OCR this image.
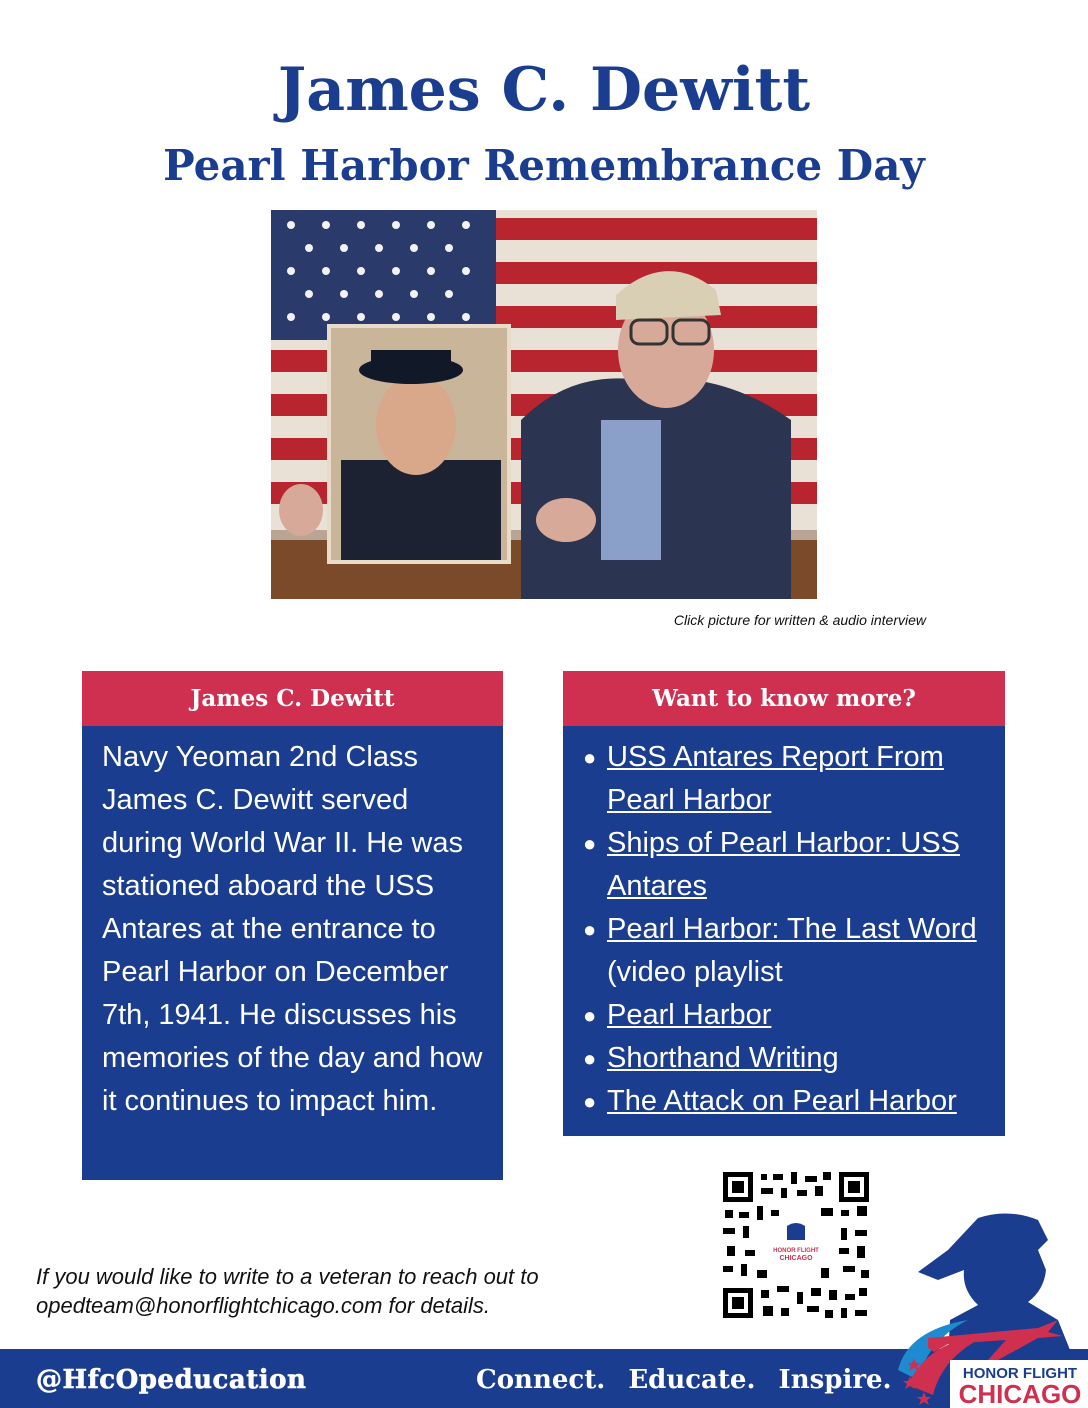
James C. Dewitt
Pearl Harbor Remembrance Day
Click picture for written & audio interview
James C. Dewitt
Navy Yeoman 2nd Class James C. Dewitt served during World War II. He was stationed aboard the USS Antares at the entrance to Pearl Harbor on December 7th, 1941. He discusses his memories of the day and how it continues to impact him.
Want to know more?
● USS Antares Report From Pearl Harbor
● Ships of Pearl Harbor: USS Antares
● Pearl Harbor: The Last Word (video playlist
● Pearl Harbor
● Shorthand Writing
● The Attack on Pearl Harbor
HONOR FLIGHT
CHICAGO
If you would like to write to a veteran to reach out to opedteam@honorflightchicago.com for details.
@HfcOpeducation	Connect. Educate. Inspire.	HONOR FLIGHT
CHICAGO
